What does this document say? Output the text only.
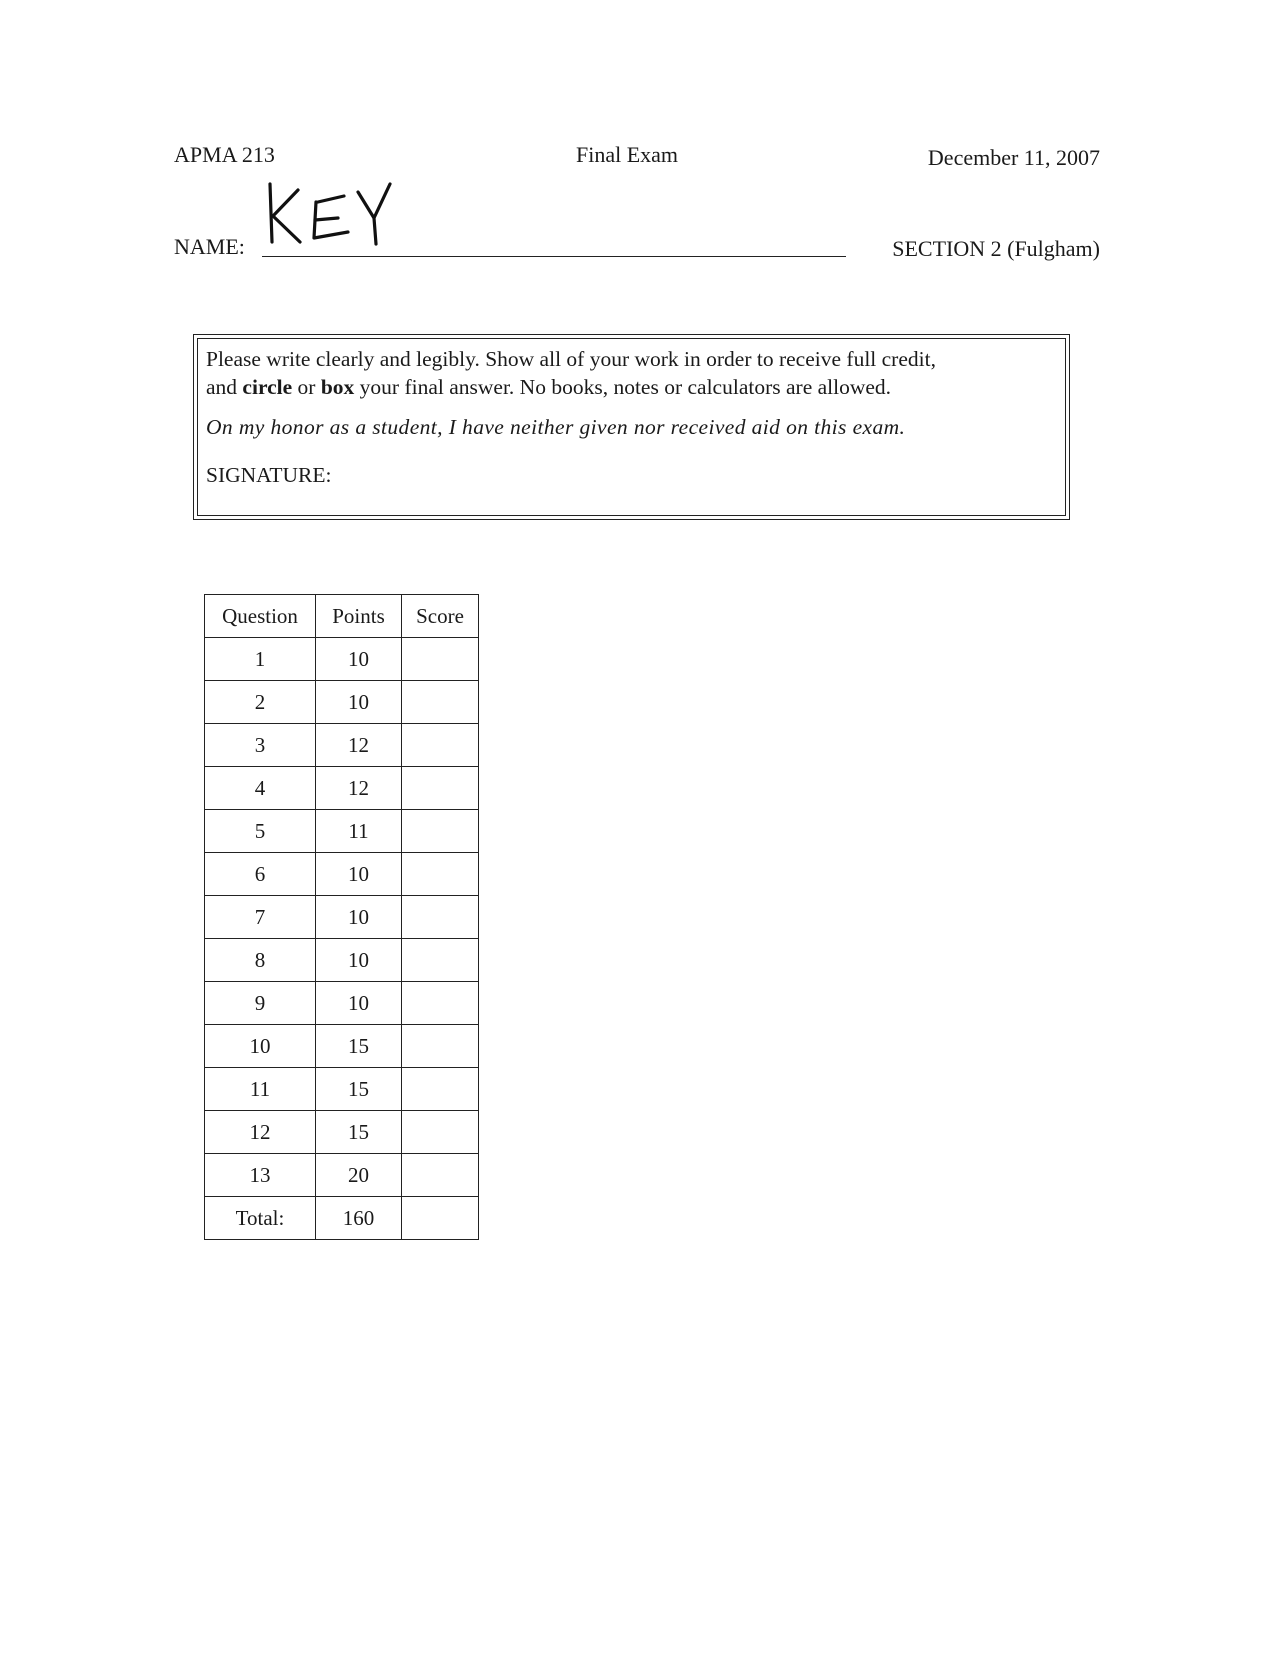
APMA 213	Final Exam	December 11, 2007
NAME:	SECTION 2 (Fulgham)

Please write clearly and legibly. Show all of your work in order to receive full credit,

and circle or box your final answer. No books, notes or calculators are allowed.

On my honor as a student, I have neither given nor received aid on this exam.

SIGNATURE:

Question	Points	Score
1	10	
2	10	
3	12	
4	12	
5	11	
6	10	
7	10	
8	10	
9	10	
10	15	
11	15	
12	15	
13	20	
Total:	160	
